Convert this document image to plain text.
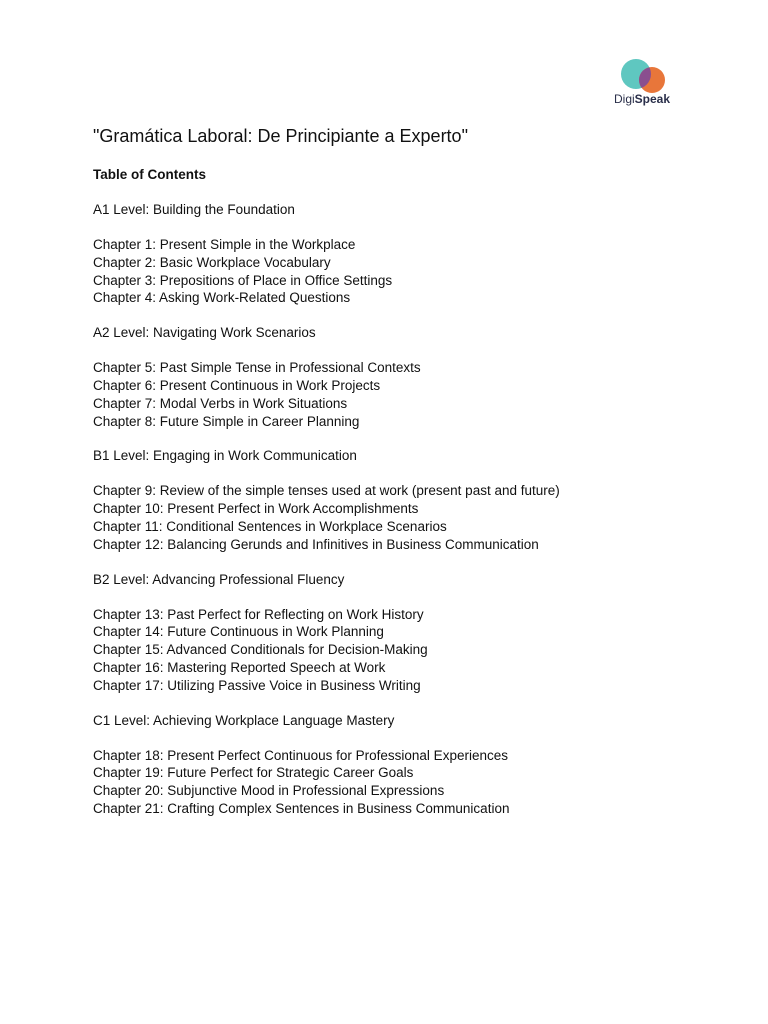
DigiSpeak
"Gramática Laboral: De Principiante a Experto"
Table of Contents
A1 Level: Building the Foundation
Chapter 1: Present Simple in the Workplace
Chapter 2: Basic Workplace Vocabulary
Chapter 3: Prepositions of Place in Office Settings
Chapter 4: Asking Work-Related Questions
A2 Level: Navigating Work Scenarios
Chapter 5: Past Simple Tense in Professional Contexts
Chapter 6: Present Continuous in Work Projects
Chapter 7: Modal Verbs in Work Situations
Chapter 8: Future Simple in Career Planning
B1 Level: Engaging in Work Communication
Chapter 9: Review of the simple tenses used at work (present past and future)
Chapter 10: Present Perfect in Work Accomplishments
Chapter 11: Conditional Sentences in Workplace Scenarios
Chapter 12: Balancing Gerunds and Infinitives in Business Communication
B2 Level: Advancing Professional Fluency
Chapter 13: Past Perfect for Reflecting on Work History
Chapter 14: Future Continuous in Work Planning
Chapter 15: Advanced Conditionals for Decision-Making
Chapter 16: Mastering Reported Speech at Work
Chapter 17: Utilizing Passive Voice in Business Writing
C1 Level: Achieving Workplace Language Mastery
Chapter 18: Present Perfect Continuous for Professional Experiences
Chapter 19: Future Perfect for Strategic Career Goals
Chapter 20: Subjunctive Mood in Professional Expressions
Chapter 21: Crafting Complex Sentences in Business Communication
